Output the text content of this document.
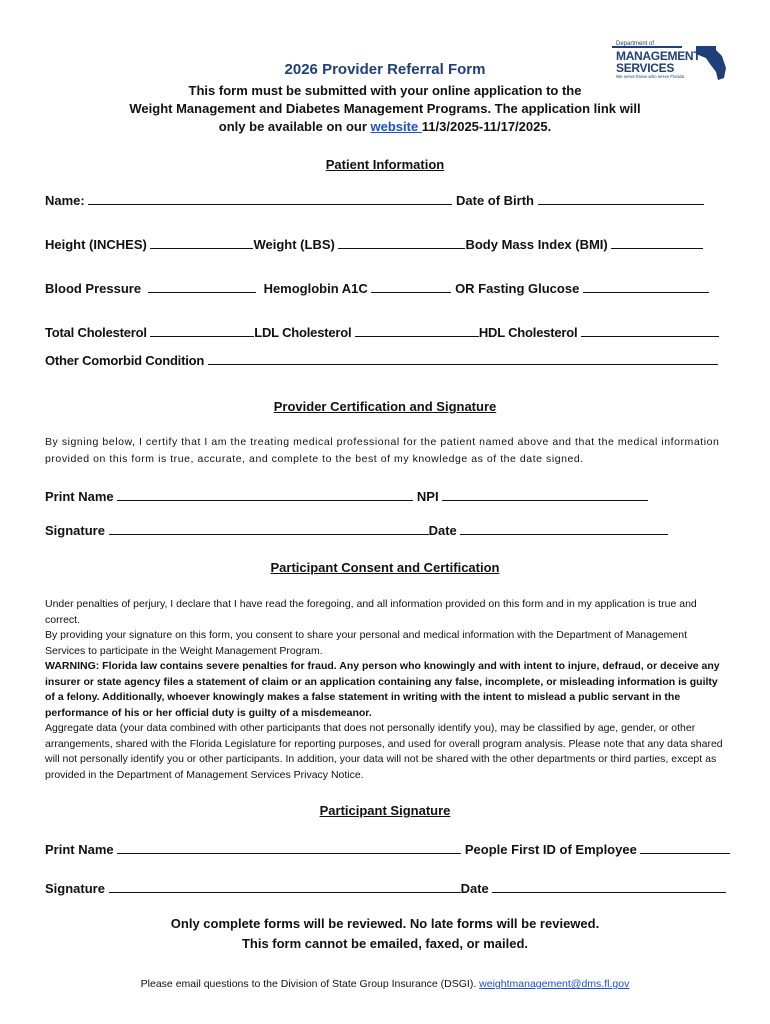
Department of
MANAGEMENT
SERVICES
We serve those who serve Florida
2026 Provider Referral Form
This form must be submitted with your online application to the
Weight Management and Diabetes Management Programs. The application link will
only be available on our website 11/3/2025-11/17/2025.
Patient Information
Name:	Date of Birth
Height (INCHES)	Weight (LBS)	Body Mass Index (BMI)
Blood Pressure	Hemoglobin A1C	OR Fasting Glucose
Total Cholesterol	LDL Cholesterol	HDL Cholesterol
Other Comorbid Condition
Provider Certification and Signature
By signing below, I certify that I am the treating medical professional for the patient named above and that the medical information provided on this form is true, accurate, and complete to the best of my knowledge as of the date signed.
Print Name	NPI
Signature	Date
Participant Consent and Certification
Under penalties of perjury, I declare that I have read the foregoing, and all information provided on this form and in my application is true and correct.
By providing your signature on this form, you consent to share your personal and medical information with the Department of Management Services to participate in the Weight Management Program.
WARNING: Florida law contains severe penalties for fraud. Any person who knowingly and with intent to injure, defraud, or deceive any insurer or state agency files a statement of claim or an application containing any false, incomplete, or misleading information is guilty of a felony. Additionally, whoever knowingly makes a false statement in writing with the intent to mislead a public servant in the performance of his or her official duty is guilty of a misdemeanor.
Aggregate data (your data combined with other participants that does not personally identify you), may be classified by age, gender, or other arrangements, shared with the Florida Legislature for reporting purposes, and used for overall program analysis. Please note that any data shared will not personally identify you or other participants. In addition, your data will not be shared with the other departments or third parties, except as provided in the Department of Management Services Privacy Notice.
Participant Signature
Print Name	People First ID of Employee
Signature	Date
Only complete forms will be reviewed. No late forms will be reviewed.
This form cannot be emailed, faxed, or mailed.
Please email questions to the Division of State Group Insurance (DSGI). weightmanagement@dms.fl.gov
